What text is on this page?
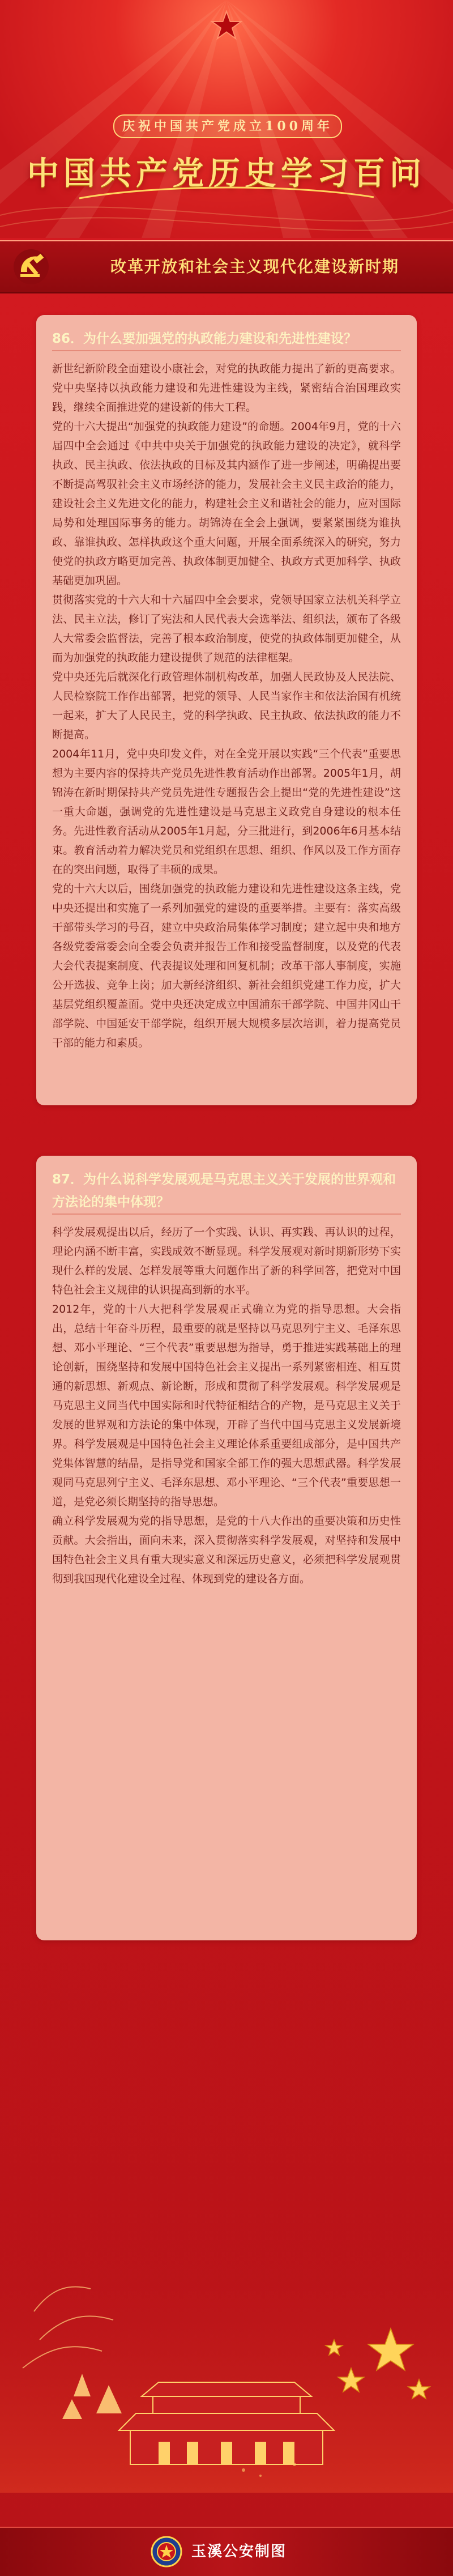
庆祝中国共产党成立100周年
中国共产党历史学习百问
改革开放和社会主义现代化建设新时期
86．为什么要加强党的执政能力建设和先进性建设？

新世纪新阶段全面建设小康社会，对党的执政能力提出了新的更高要求。党中央坚持以执政能力建设和先进性建设为主线，紧密结合治国理政实践，继续全面推进党的建设新的伟大工程。

党的十六大提出“加强党的执政能力建设”的命题。2004年9月，党的十六届四中全会通过《中共中央关于加强党的执政能力建设的决定》，就科学执政、民主执政、依法执政的目标及其内涵作了进一步阐述，明确提出要不断提高驾驭社会主义市场经济的能力，发展社会主义民主政治的能力，建设社会主义先进文化的能力，构建社会主义和谐社会的能力，应对国际局势和处理国际事务的能力。胡锦涛在全会上强调，要紧紧围绕为谁执政、靠谁执政、怎样执政这个重大问题，开展全面系统深入的研究，努力使党的执政方略更加完善、执政体制更加健全、执政方式更加科学、执政基础更加巩固。

贯彻落实党的十六大和十六届四中全会要求，党领导国家立法机关科学立法、民主立法，修订了宪法和人民代表大会选举法、组织法，颁布了各级人大常委会监督法，完善了根本政治制度，使党的执政体制更加健全，从而为加强党的执政能力建设提供了规范的法律框架。

党中央还先后就深化行政管理体制机构改革，加强人民政协及人民法院、人民检察院工作作出部署，把党的领导、人民当家作主和依法治国有机统一起来，扩大了人民民主，党的科学执政、民主执政、依法执政的能力不断提高。

2004年11月，党中央印发文件，对在全党开展以实践“三个代表”重要思想为主要内容的保持共产党员先进性教育活动作出部署。2005年1月，胡锦涛在新时期保持共产党员先进性专题报告会上提出“党的先进性建设”这一重大命题，强调党的先进性建设是马克思主义政党自身建设的根本任务。先进性教育活动从2005年1月起，分三批进行，到2006年6月基本结束。教育活动着力解决党员和党组织在思想、组织、作风以及工作方面存在的突出问题，取得了丰硕的成果。

党的十六大以后，围绕加强党的执政能力建设和先进性建设这条主线，党中央还提出和实施了一系列加强党的建设的重要举措。主要有：落实高级干部带头学习的号召，建立中央政治局集体学习制度；建立起中央和地方各级党委常委会向全委会负责并报告工作和接受监督制度，以及党的代表大会代表提案制度、代表提议处理和回复机制；改革干部人事制度，实施公开选拔、竞争上岗；加大新经济组织、新社会组织党建工作力度，扩大基层党组织覆盖面。党中央还决定成立中国浦东干部学院、中国井冈山干部学院、中国延安干部学院，组织开展大规模多层次培训，着力提高党员干部的能力和素质。

87．为什么说科学发展观是马克思主义关于发展的世界观和方法论的集中体现？

科学发展观提出以后，经历了一个实践、认识、再实践、再认识的过程，理论内涵不断丰富，实践成效不断显现。科学发展观对新时期新形势下实现什么样的发展、怎样发展等重大问题作出了新的科学回答，把党对中国特色社会主义规律的认识提高到新的水平。

2012年，党的十八大把科学发展观正式确立为党的指导思想。大会指出，总结十年奋斗历程，最重要的就是坚持以马克思列宁主义、毛泽东思想、邓小平理论、“三个代表”重要思想为指导，勇于推进实践基础上的理论创新，围绕坚持和发展中国特色社会主义提出一系列紧密相连、相互贯通的新思想、新观点、新论断，形成和贯彻了科学发展观。科学发展观是马克思主义同当代中国实际和时代特征相结合的产物，是马克思主义关于发展的世界观和方法论的集中体现，开辟了当代中国马克思主义发展新境界。科学发展观是中国特色社会主义理论体系重要组成部分，是中国共产党集体智慧的结晶，是指导党和国家全部工作的强大思想武器。科学发展观同马克思列宁主义、毛泽东思想、邓小平理论、“三个代表”重要思想一道，是党必须长期坚持的指导思想。

确立科学发展观为党的指导思想，是党的十八大作出的重要决策和历史性贡献。大会指出，面向未来，深入贯彻落实科学发展观，对坚持和发展中国特色社会主义具有重大现实意义和深远历史意义，必须把科学发展观贯彻到我国现代化建设全过程、体现到党的建设各方面。

玉溪公安制图
